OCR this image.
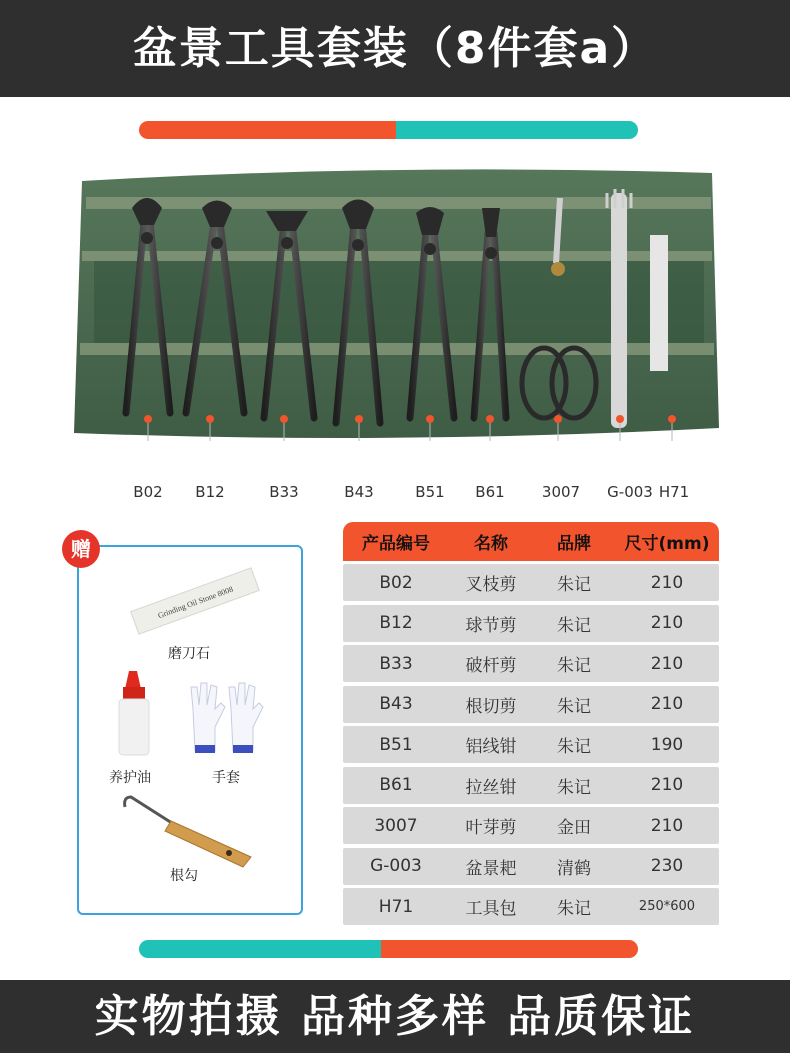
盆景工具套装（8件套a）
B02	B12	B33	B43	B51	B61	3007	G-003 H71
Grinding Oil Stone 8008
磨刀石
养护油	手套
根勾
赠	产品编号	名称	品牌	尺寸(mm)
B02	叉枝剪	朱记	210
B12	球节剪	朱记	210
B33	破杆剪	朱记	210
B43	根切剪	朱记	210
B51	铝线钳	朱记	190
B61	拉丝钳	朱记	210
3007	叶芽剪	金田	210
G-003	盆景耙	清鹤	230
H71	工具包	朱记	250*600
实物拍摄 品种多样 品质保证
